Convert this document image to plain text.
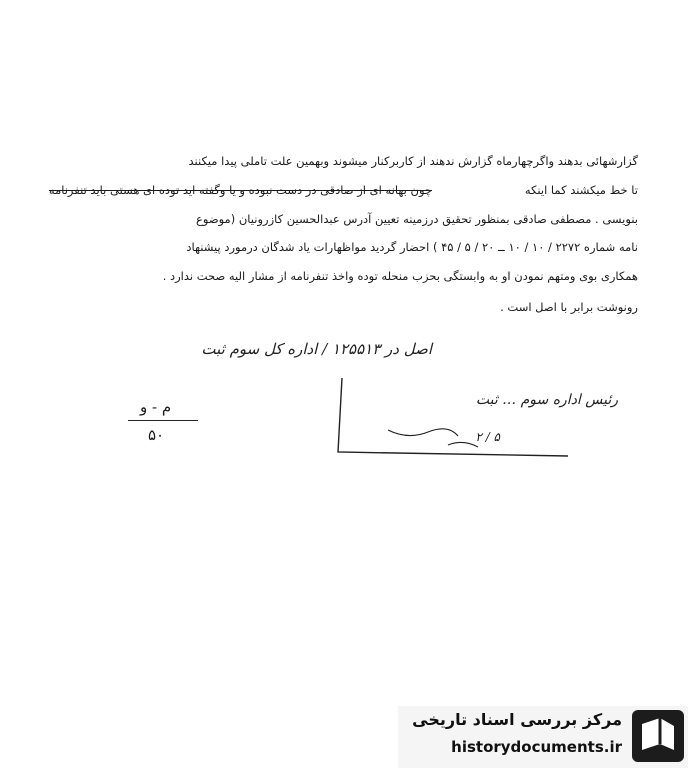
گزارشهائی بدهند واگرچهارماه گزارش ندهند از کاربرکنار میشوند وبهمین علت تاملی پیدا میکنند
تا خط میکشند کما اینکه
چون بهانه ای از صادقی در دست نبوده و یا وگفته اید توده ای هستی باید تنفرنامه
بنویسی . مصطفی صادقی بمنظور تحقیق درزمینه تعیین آدرس عبدالحسین کازرونیان (موضوع
نامه شماره ۲۲۷۲ / ۱۰ / ۱۰ ــ ۲۰ / ۵ / ۴۵ ) احضار گردید مواظهارات یاد شدگان درمورد پیشنهاد
همکاری بوی ومتهم نمودن او به وابستگی بحزب منحله توده واخذ تنفرنامه از مشار الیه صحت ندارد .
رونوشت برابر با اصل است .
اصل در ۱۲۵۵۱۳ / اداره کل سوم ثبت
رئیس اداره سوم … ثبت
۵ / ۲
م - و
۵۰
مرکز بررسی اسناد تاریخی
historydocuments.ir
